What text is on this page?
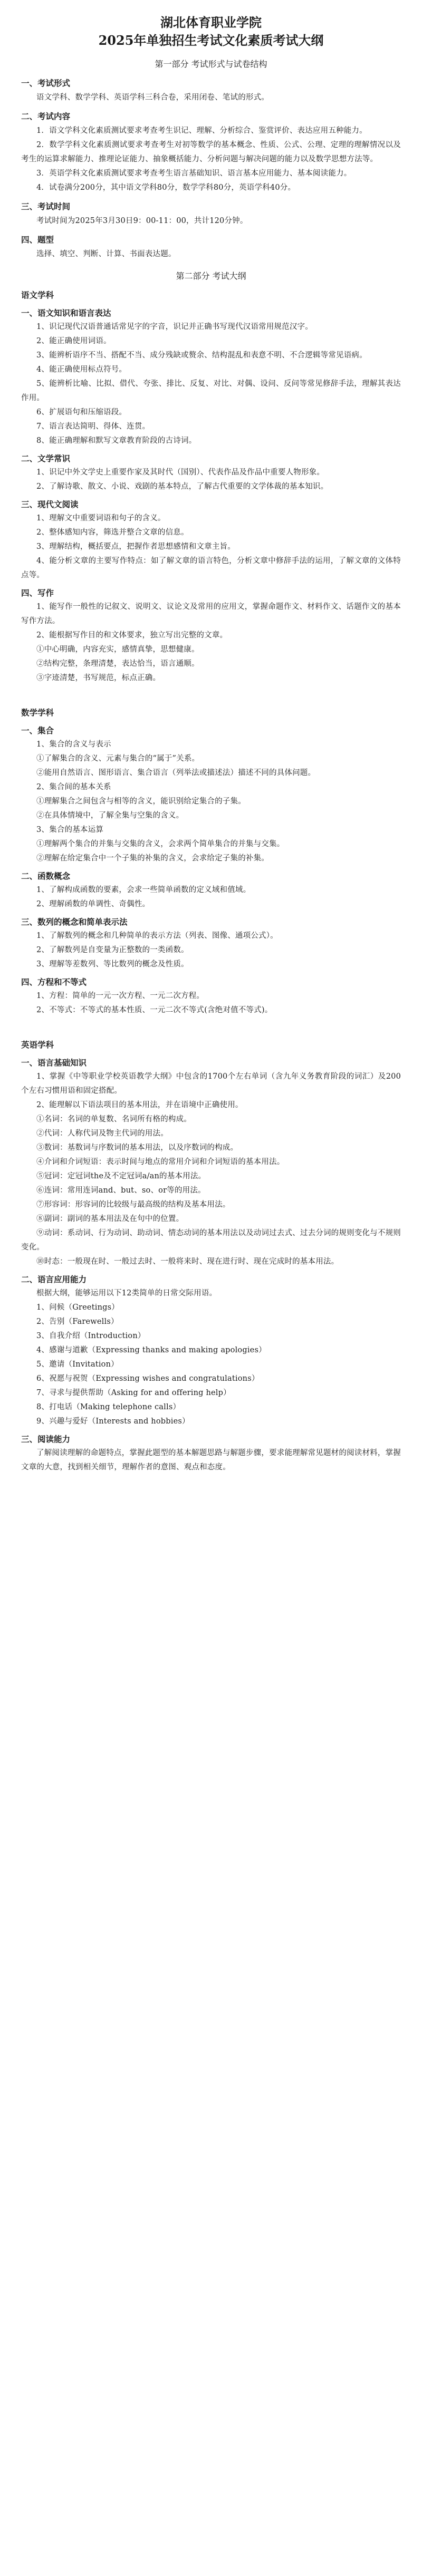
湖北体育职业学院

2025年单独招生考试文化素质考试大纲

第一部分 考试形式与试卷结构

一、考试形式

语文学科、数学学科、英语学科三科合卷，采用闭卷、笔试的形式。

二、考试内容

1．语文学科文化素质测试要求考查考生识记、理解、分析综合、鉴赏评价、表达应用五种能力。

2．数学学科文化素质测试要求考查考生对初等数学的基本概念、性质、公式、公理、定理的理解情况以及考生的运算求解能力、推理论证能力、抽象概括能力、分析问题与解决问题的能力以及数学思想方法等。

3．英语学科文化素质测试要求考查考生语言基础知识、语言基本应用能力、基本阅读能力。

4．试卷满分200分，其中语文学科80分，数学学科80分，英语学科40分。

三、考试时间

考试时间为2025年3月30日9：00-11：00，共计120分钟。

四、题型

选择、填空、判断、计算、书面表达题。

第二部分 考试大纲

语文学科

一、语文知识和语言表达

1、识记现代汉语普通话常见字的字音，识记并正确书写现代汉语常用规范汉字。

2、能正确使用词语。

3、能辨析语序不当、搭配不当、成分残缺或赘余、结构混乱和表意不明、不合逻辑等常见语病。

4、能正确使用标点符号。

5、能辨析比喻、比拟、借代、夸张、排比、反复、对比、对偶、设问、反问等常见修辞手法，理解其表达作用。

6、扩展语句和压缩语段。

7、语言表达简明、得体、连贯。

8、能正确理解和默写文章教育阶段的古诗词。

二、文学常识

1、识记中外文学史上重要作家及其时代（国别）、代表作品及作品中重要人物形象。

2、了解诗歌、散文、小说、戏剧的基本特点，了解古代重要的文学体裁的基本知识。

三、现代文阅读

1、理解文中重要词语和句子的含义。

2、整体感知内容，筛选并整合文章的信息。

3、理解结构，概括要点，把握作者思想感情和文章主旨。

4、能分析文章的主要写作特点：如了解文章的语言特色，分析文章中修辞手法的运用，了解文章的文体特点等。

四、写作

1、能写作一般性的记叙文、说明文、议论文及常用的应用文，掌握命题作文、材料作文、话题作文的基本写作方法。

2、能根据写作目的和文体要求，独立写出完整的文章。

①中心明确，内容充实，感情真挚，思想健康。

②结构完整，条理清楚，表达恰当，语言通顺。

③字迹清楚，书写规范，标点正确。

数学学科

一、集合

1、集合的含义与表示

①了解集合的含义、元素与集合的“属于”关系。

②能用自然语言、图形语言、集合语言（列举法或描述法）描述不同的具体问题。

2、集合间的基本关系

①理解集合之间包含与相等的含义，能识别给定集合的子集。

②在具体情境中，了解全集与空集的含义。

3、集合的基本运算

①理解两个集合的并集与交集的含义，会求两个简单集合的并集与交集。

②理解在给定集合中一个子集的补集的含义，会求给定子集的补集。

二、函数概念

1、了解构成函数的要素，会求一些简单函数的定义域和值域。

2、理解函数的单调性、奇偶性。

三、数列的概念和简单表示法

1、了解数列的概念和几种简单的表示方法（列表、图像、通项公式）。

2、了解数列是自变量为正整数的一类函数。

3、理解等差数列、等比数列的概念及性质。

四、方程和不等式

1、方程：简单的一元一次方程、一元二次方程。

2、不等式：不等式的基本性质、一元二次不等式(含绝对值不等式)。

英语学科

一、语言基础知识

1、掌握《中等职业学校英语教学大纲》中包含的1700个左右单词（含九年义务教育阶段的词汇）及200个左右习惯用语和固定搭配。

2、能理解以下语法项目的基本用法，并在语境中正确使用。

①名词：名词的单复数、名词所有格的构成。

②代词：人称代词及物主代词的用法。

③数词：基数词与序数词的基本用法，以及序数词的构成。

④介词和介词短语：表示时间与地点的常用介词和介词短语的基本用法。

⑤冠词：定冠词the及不定冠词a/an的基本用法。

⑥连词：常用连词and、but、so、or等的用法。

⑦形容词：形容词的比较级与最高级的结构及基本用法。

⑧副词：副词的基本用法及在句中的位置。

⑨动词：系动词、行为动词、助动词、情态动词的基本用法以及动词过去式、过去分词的规则变化与不规则变化。

⑩时态：一般现在时、一般过去时、一般将来时、现在进行时、现在完成时的基本用法。

二、语言应用能力

根据大纲，能够运用以下12类简单的日常交际用语。

1、问候（Greetings）

2、告别（Farewells）

3、自我介绍（Introduction）

4、感谢与道歉（Expressing thanks and making apologies）

5、邀请（Invitation）

6、祝愿与祝贺（Expressing wishes and congratulations）

7、寻求与提供帮助（Asking for and offering help）

8、打电话（Making telephone calls）

9、兴趣与爱好（Interests and hobbies）

三、阅读能力

了解阅读理解的命题特点，掌握此题型的基本解题思路与解题步骤，要求能理解常见题材的阅读材料，掌握文章的大意，找到相关细节，理解作者的意图、观点和态度。
